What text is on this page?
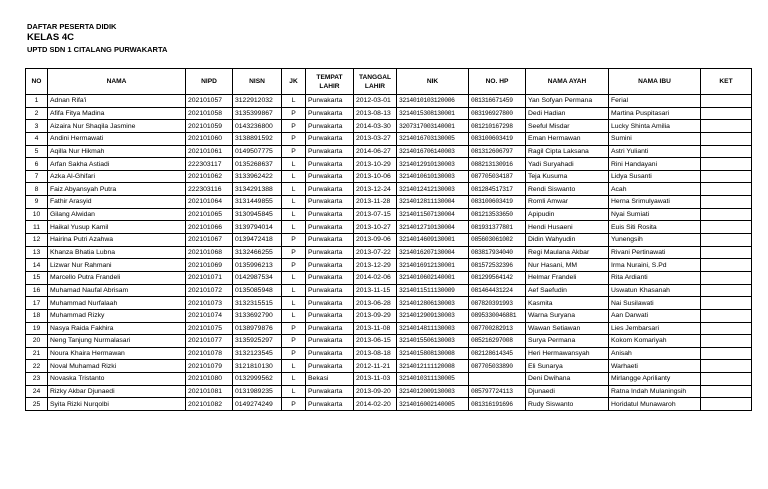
DAFTAR PESERTA DIDIK
KELAS 4C
UPTD SDN 1 CITALANG PURWAKARTA
NO	NAMA	NIPD	NISN	JK	TEMPAT LAHIR	TANGGAL LAHIR	NIK	NO. HP	NAMA AYAH	NAMA IBU	KET
1	Adnan Rifa'i	202101057	3122912032	L	Purwakarta	2012-03-01	3214010103120006	081316671459	Yan Sofyan Permana	Ferial	
2	Afifa Fitya Madina	202101058	3135399867	P	Purwakarta	2013-08-13	3214015308130001	083196927800	Dedi Hadian	Martina Puspitasari	
3	Aizaira Nur Shaqila Jasmine	202101059	0143236800	P	Purwakarta	2014-03-30	3207317003140001	081210167298	Seeful Misdar	Lucky Shinta Amilia	
4	Andini Hermawati	202101060	3138891592	P	Purwakarta	2013-03-27	3214016703130005	083100603419	Eman Hermawan	Sumini	
5	Aqilla Nur Hikmah	202101061	0149507775	P	Purwakarta	2014-06-27	3214016706140003	081312606797	Ragil Cipta Laksana	Astri Yulianti	
6	Arfan Sakha Astiadi	222303117	0135268637	L	Purwakarta	2013-10-29	3214012910130003	088213130916	Yadi Suryahadi	Rini Handayani	
7	Azka Al-Ghifari	202101062	3133962422	L	Purwakarta	2013-10-06	3214010610130003	087705034187	Teja Kusuma	Lidya Susanti	
8	Faiz Abyansyah Putra	222303116	3134291388	L	Purwakarta	2013-12-24	3214012412130003	081284517317	Rendi Siswanto	Acah	
9	Fathir Arasyid	202101064	3131449855	L	Purwakarta	2013-11-28	3214012811130004	083100603419	Romli Amwar	Herna Srimulyawati	
10	Gilang Alwidan	202101065	3130945845	L	Purwakarta	2013-07-15	3214011507130004	081213533650	Apipudin	Nyai Sumiati	
11	Haikal Yusup Kamil	202101066	3139794014	L	Purwakarta	2013-10-27	3214012710130004	081931377801	Hendi Husaeni	Euis Siti Rosita	
12	Hairina Putri Azahwa	202101067	0139472418	P	Purwakarta	2013-09-06	3214014609130001	085603061002	Didin Wahyudin	Yunengsih	
13	Khanza Bhatia Lubna	202101068	3132466255	P	Purwakarta	2013-07-22	3214016207130004	083817934040	Regi Maulana Akbar	Rivani Pertinawati	
14	Lizwar Nur Rahmani	202101069	0135996213	P	Purwakarta	2013-12-29	3214016912130001	081572532396	Nur Hasani, MM	Irma Nuraini, S.Pd	
15	Marcello Putra Frandeli	202101071	0142987534	L	Purwakarta	2014-02-06	3214010602140001	081299564142	Helmar Frandeli	Rita Ardianti	
16	Muhamad Naufal Abrisam	202101072	0135085948	L	Purwakarta	2013-11-15	3214011511130009	081464431224	Aef Saefudin	Uswatun Khasanah	
17	Muhammad Nurfalaah	202101073	3132315515	L	Purwakarta	2013-06-28	3214012806130003	087820391993	Kasmita	Nai Susilawati	
18	Muhammad Rizky	202101074	3133692790	L	Purwakarta	2013-09-29	3214012909130003	0895330046881	Warna Suryana	Aan Darwati	
19	Nasya Raida Fakhira	202101075	0138979876	P	Purwakarta	2013-11-08	3214014811130003	087700282913	Wawan Setiawan	Lies Jembarsari	
20	Neng Tanjung Nurmalasari	202101077	3135925297	P	Purwakarta	2013-06-15	3214015506130003	085216297008	Surya Permana	Kokom Komariyah	
21	Noura Khaira Hermawan	202101078	3132123545	P	Purwakarta	2013-08-18	3214015808130008	082128614345	Heri Hermawansyah	Anisah	
22	Noval Muhamad Rizki	202101079	3121810130	L	Purwakarta	2012-11-21	3214012111120008	087705033890	Eli Sunarya	Warhaeti	
23	Novaska Tristanto	202101080	0132999562	L	Bekasi	2013-11-03	3214010311130005		Deni Dwihana	Mirlangge Aprilianty	
24	Rizky Akbar Djunaedi	202101081	0131989235	L	Purwakarta	2013-09-20	3214012009130003	085797724113	Djunaedi	Ratna Indah Mulaningsih	
25	Syita Rizki Nurqolbi	202101082	0149274249	P	Purwakarta	2014-02-20	3214016002140005	081316191696	Rudy Siswanto	Horidatul Munawaroh	
